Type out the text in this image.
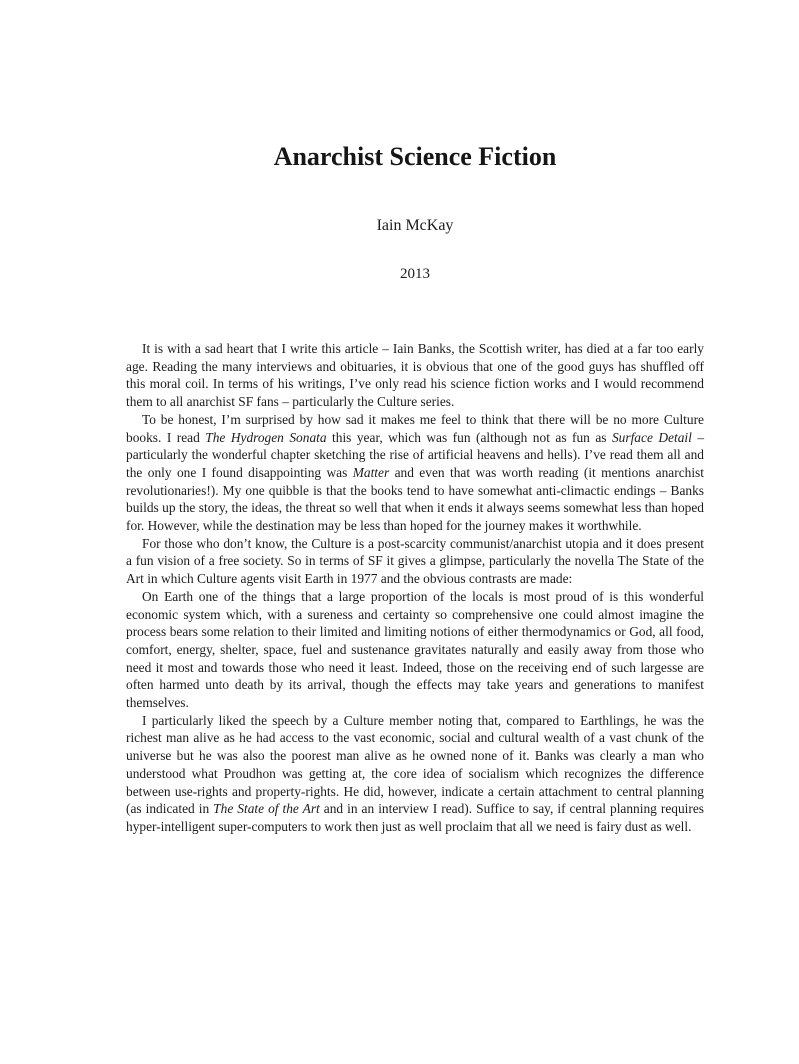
Anarchist Science Fiction
Iain McKay
2013

It is with a sad heart that I write this article – Iain Banks, the Scottish writer, has died at a far too early age. Reading the many interviews and obituaries, it is obvious that one of the good guys has shuffled off this moral coil. In terms of his writings, I’ve only read his science fiction works and I would recommend them to all anarchist SF fans – particularly the Culture series.

To be honest, I’m surprised by how sad it makes me feel to think that there will be no more Culture books. I read The Hydrogen Sonata this year, which was fun (although not as fun as Surface Detail – particularly the wonderful chapter sketching the rise of artificial heavens and hells). I’ve read them all and the only one I found disappointing was Matter and even that was worth reading (it mentions anarchist revolutionaries!). My one quibble is that the books tend to have somewhat anti-climactic endings – Banks builds up the story, the ideas, the threat so well that when it ends it always seems somewhat less than hoped for. However, while the destination may be less than hoped for the journey makes it worthwhile.

For those who don’t know, the Culture is a post-scarcity communist/anarchist utopia and it does present a fun vision of a free society. So in terms of SF it gives a glimpse, particularly the novella The State of the Art in which Culture agents visit Earth in 1977 and the obvious contrasts are made:

On Earth one of the things that a large proportion of the locals is most proud of is this wonderful economic system which, with a sureness and certainty so comprehensive one could almost imagine the process bears some relation to their limited and limiting notions of either thermodynamics or God, all food, comfort, energy, shelter, space, fuel and sustenance gravitates naturally and easily away from those who need it most and towards those who need it least. Indeed, those on the receiving end of such largesse are often harmed unto death by its arrival, though the effects may take years and generations to manifest themselves.

I particularly liked the speech by a Culture member noting that, compared to Earthlings, he was the richest man alive as he had access to the vast economic, social and cultural wealth of a vast chunk of the universe but he was also the poorest man alive as he owned none of it. Banks was clearly a man who understood what Proudhon was getting at, the core idea of socialism which recognizes the difference between use-rights and property-rights. He did, however, indicate a certain attachment to central planning (as indicated in The State of the Art and in an interview I read). Suffice to say, if central planning requires hyper-intelligent super-computers to work then just as well proclaim that all we need is fairy dust as well.
